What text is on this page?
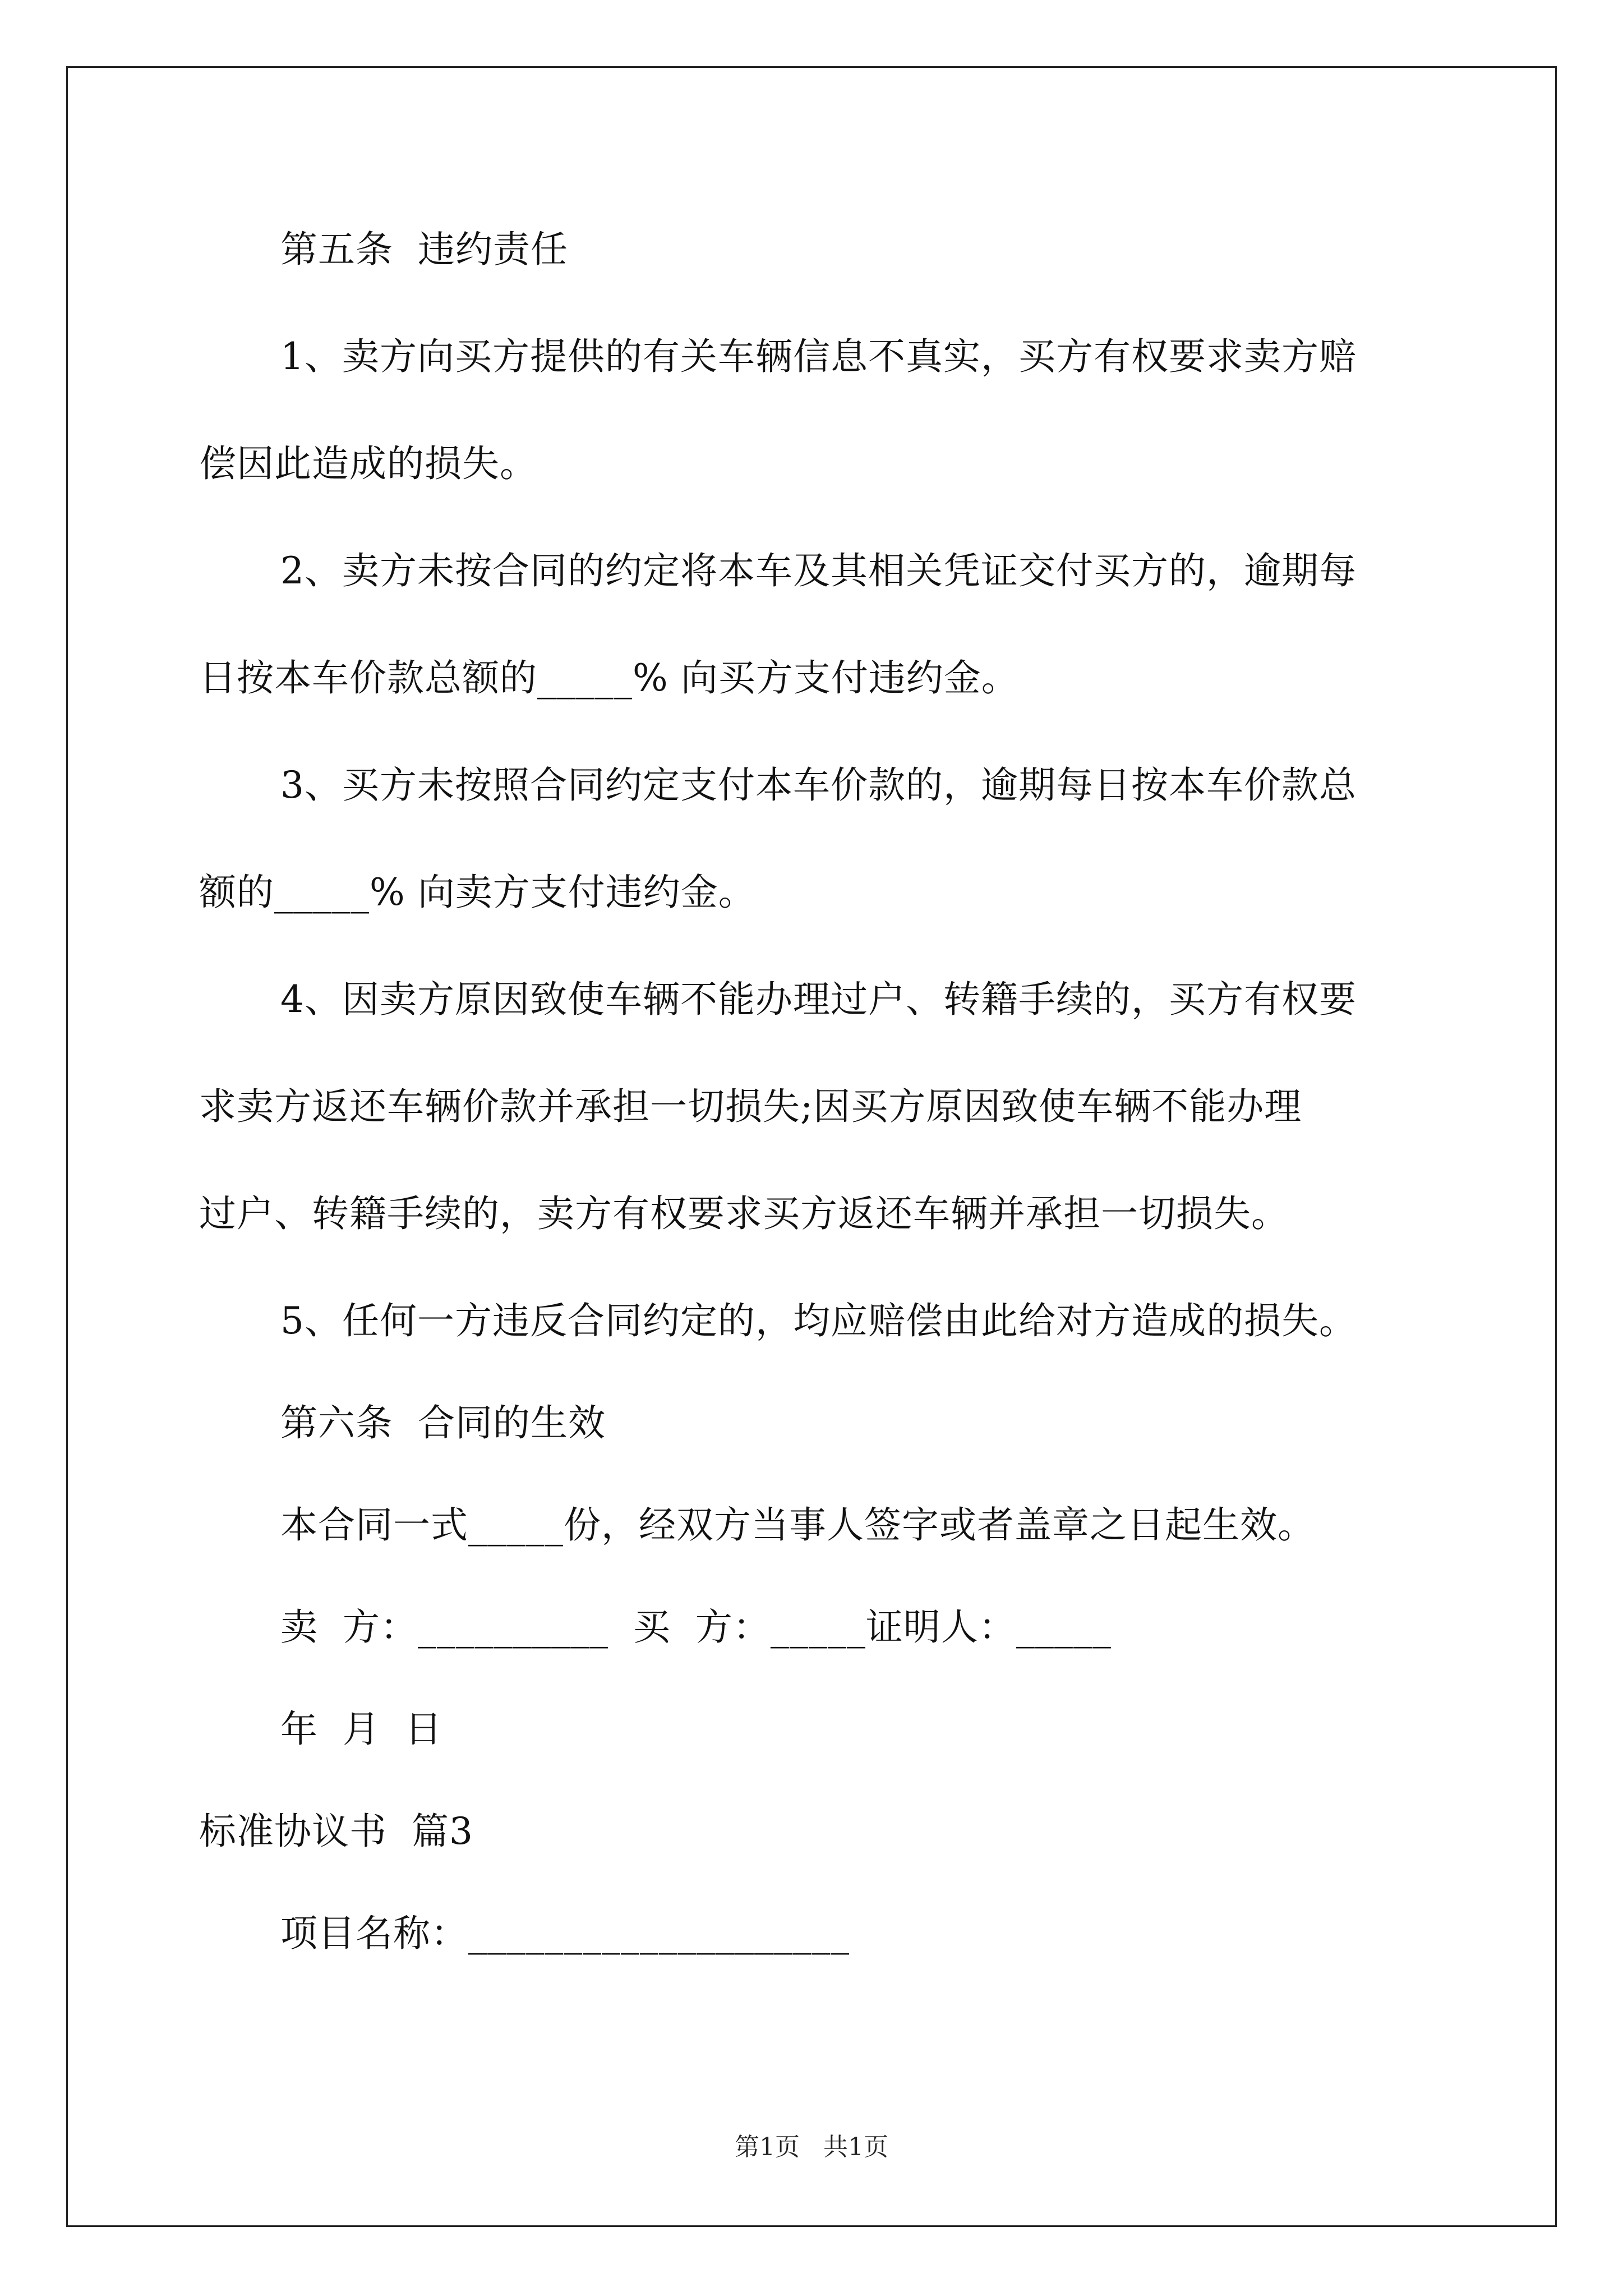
第五条  违约责任
1、卖方向买方提供的有关车辆信息不真实，买方有权要求卖方赔
偿因此造成的损失。
2、卖方未按合同的约定将本车及其相关凭证交付买方的，逾期每
日按本车价款总额的_____% 向买方支付违约金。
3、买方未按照合同约定支付本车价款的，逾期每日按本车价款总
额的_____% 向卖方支付违约金。
4、因卖方原因致使车辆不能办理过户、转籍手续的，买方有权要
求卖方返还车辆价款并承担一切损失;因买方原因致使车辆不能办理
过户、转籍手续的，卖方有权要求买方返还车辆并承担一切损失。
5、任何一方违反合同约定的，均应赔偿由此给对方造成的损失。
第六条  合同的生效
本合同一式_____份，经双方当事人签字或者盖章之日起生效。
卖  方：__________  买  方：_____证明人：_____
年  月  日
标准协议书  篇3
项目名称：____________________
第1页   共1页
